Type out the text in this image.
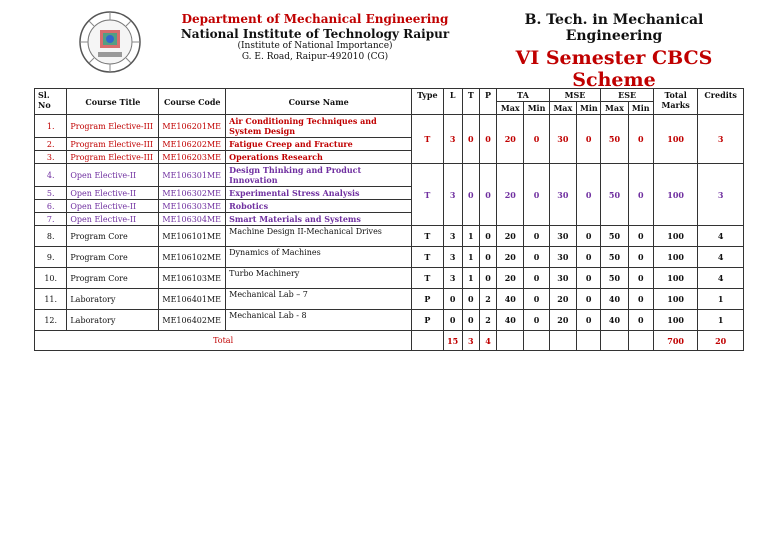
Department of Mechanical Engineering
National Institute of Technology Raipur
(Institute of National Importance)
G. E. Road, Raipur-492010 (CG)
B. Tech. in Mechanical Engineering
VI Semester CBCS Scheme
Sl. No	Course Title	Course Code	Course Name	Type	L	T	P	TA		MSE		ESE		Total Marks	Credits
								Max	Min	Max	Min	Max	Min		
1.	Program Elective-III	ME106201ME	Air Conditioning Techniques and System Design	T	3	0	0	20	0	30	0	50	0	100	3
2.	Program Elective-III	ME106202ME	Fatigue Creep and Fracture												
3.	Program Elective-III	ME106203ME	Operations Research												
4.	Open Elective-II	ME106301ME	Design Thinking and Product Innovation	T	3	0	0	20	0	30	0	50	0	100	3
5.	Open Elective-II	ME106302ME	Experimental Stress Analysis												
6.	Open Elective-II	ME106303ME	Robotics												
7.	Open Elective-II	ME106304ME	Smart Materials and Systems												
8.	Program Core	ME106101ME	Machine Design II-Mechanical Drives	T	3	1	0	20	0	30	0	50	0	100	4
9.	Program Core	ME106102ME	Dynamics of Machines	T	3	1	0	20	0	30	0	50	0	100	4
10.	Program Core	ME106103ME	Turbo Machinery	T	3	1	0	20	0	30	0	50	0	100	4
11.	Laboratory	ME106401ME	Mechanical Lab – 7	P	0	0	2	40	0	20	0	40	0	100	1
12.	Laboratory	ME106402ME	Mechanical Lab - 8	P	0	0	2	40	0	20	0	40	0	100	1
Total					15	3	4							700	20
